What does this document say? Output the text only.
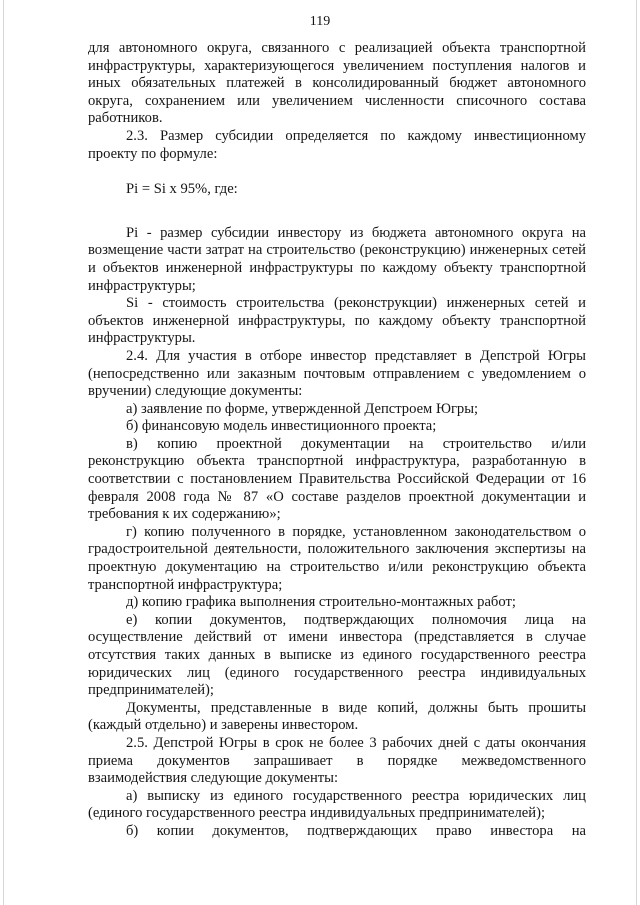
119

для автономного округа, связанного с реализацией объекта транспортной инфраструктуры, характеризующегося увеличением поступления налогов и иных обязательных платежей в консолидированный бюджет автономного округа, сохранением или увеличением численности списочного состава работников.

2.3. Размер субсидии определяется по каждому инвестиционному проекту по формуле:

Pi = Si x 95%, где:

Pi - размер субсидии инвестору из бюджета автономного округа на возмещение части затрат на строительство (реконструкцию) инженерных сетей и объектов инженерной инфраструктуры по каждому объекту транспортной инфраструктуры;

Si - стоимость строительства (реконструкции) инженерных сетей и объектов инженерной инфраструктуры, по каждому объекту транспортной инфраструктуры.

2.4. Для участия в отборе инвестор представляет в Депстрой Югры (непосредственно или заказным почтовым отправлением с уведомлением о вручении) следующие документы:

а) заявление по форме, утвержденной Депстроем Югры;

б) финансовую модель инвестиционного проекта;

в) копию проектной документации на строительство и/или реконструкцию объекта транспортной инфраструктура, разработанную в соответствии с постановлением Правительства Российской Федерации от 16 февраля 2008 года № 87 «О составе разделов проектной документации и требования к их содержанию»;

г) копию полученного в порядке, установленном законодательством о градостроительной деятельности, положительного заключения экспертизы на проектную документацию на строительство и/или реконструкцию объекта транспортной инфраструктура;

д) копию графика выполнения строительно-монтажных работ;

е) копии документов, подтверждающих полномочия лица на осуществление действий от имени инвестора (представляется в случае отсутствия таких данных в выписке из единого государственного реестра юридических лиц (единого государственного реестра индивидуальных предпринимателей);

Документы, представленные в виде копий, должны быть прошиты (каждый отдельно) и заверены инвестором.

2.5. Депстрой Югры в срок не более 3 рабочих дней с даты окончания приема документов запрашивает в порядке межведомственного взаимодействия следующие документы:

а) выписку из единого государственного реестра юридических лиц (единого государственного реестра индивидуальных предпринимателей);

б) копии документов, подтверждающих право инвестора на
